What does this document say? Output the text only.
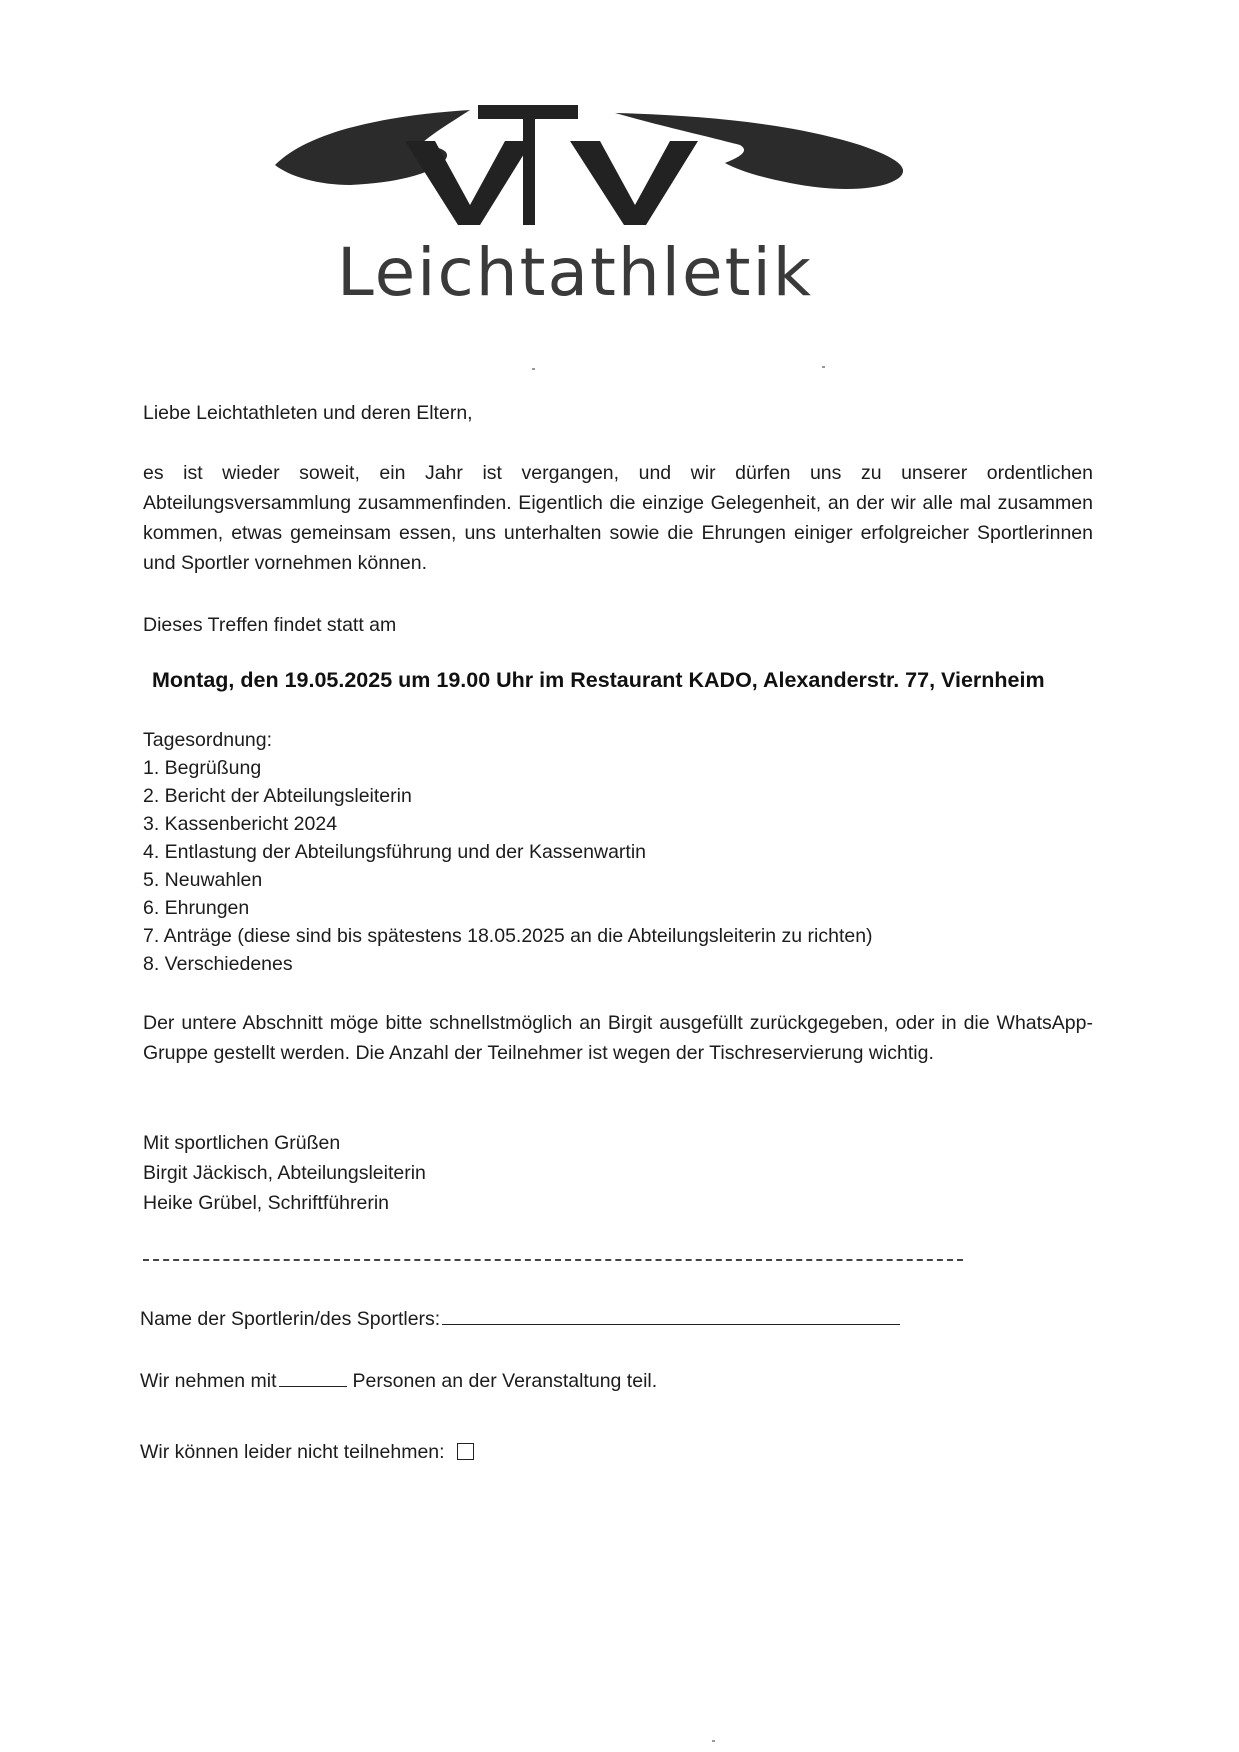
Leichtathletik
Liebe Leichtathleten und deren Eltern,
es ist wieder soweit, ein Jahr ist vergangen, und wir dürfen uns zu unserer ordentlichen Abteilungsversammlung zusammenfinden. Eigentlich die einzige Gelegenheit, an der wir alle mal zusammen kommen, etwas gemeinsam essen, uns unterhalten sowie die Ehrungen einiger erfolgreicher Sportlerinnen und Sportler vornehmen können.
Dieses Treffen findet statt am
Montag, den 19.05.2025 um 19.00 Uhr im Restaurant KADO, Alexanderstr. 77, Viernheim
Tagesordnung:
1. Begrüßung
2. Bericht der Abteilungsleiterin
3. Kassenbericht 2024
4. Entlastung der Abteilungsführung und der Kassenwartin
5. Neuwahlen
6. Ehrungen
7. Anträge (diese sind bis spätestens 18.05.2025 an die Abteilungsleiterin zu richten)
8. Verschiedenes
Der untere Abschnitt möge bitte schnellstmöglich an Birgit ausgefüllt zurückgegeben, oder in die WhatsApp-Gruppe gestellt werden. Die Anzahl der Teilnehmer ist wegen der Tischreservierung wichtig.
Mit sportlichen Grüßen
Birgit Jäckisch, Abteilungsleiterin
Heike Grübel, Schriftführerin
Name der Sportlerin/des Sportlers:
Wir nehmen mit	Personen an der Veranstaltung teil.
Wir können leider nicht teilnehmen:
